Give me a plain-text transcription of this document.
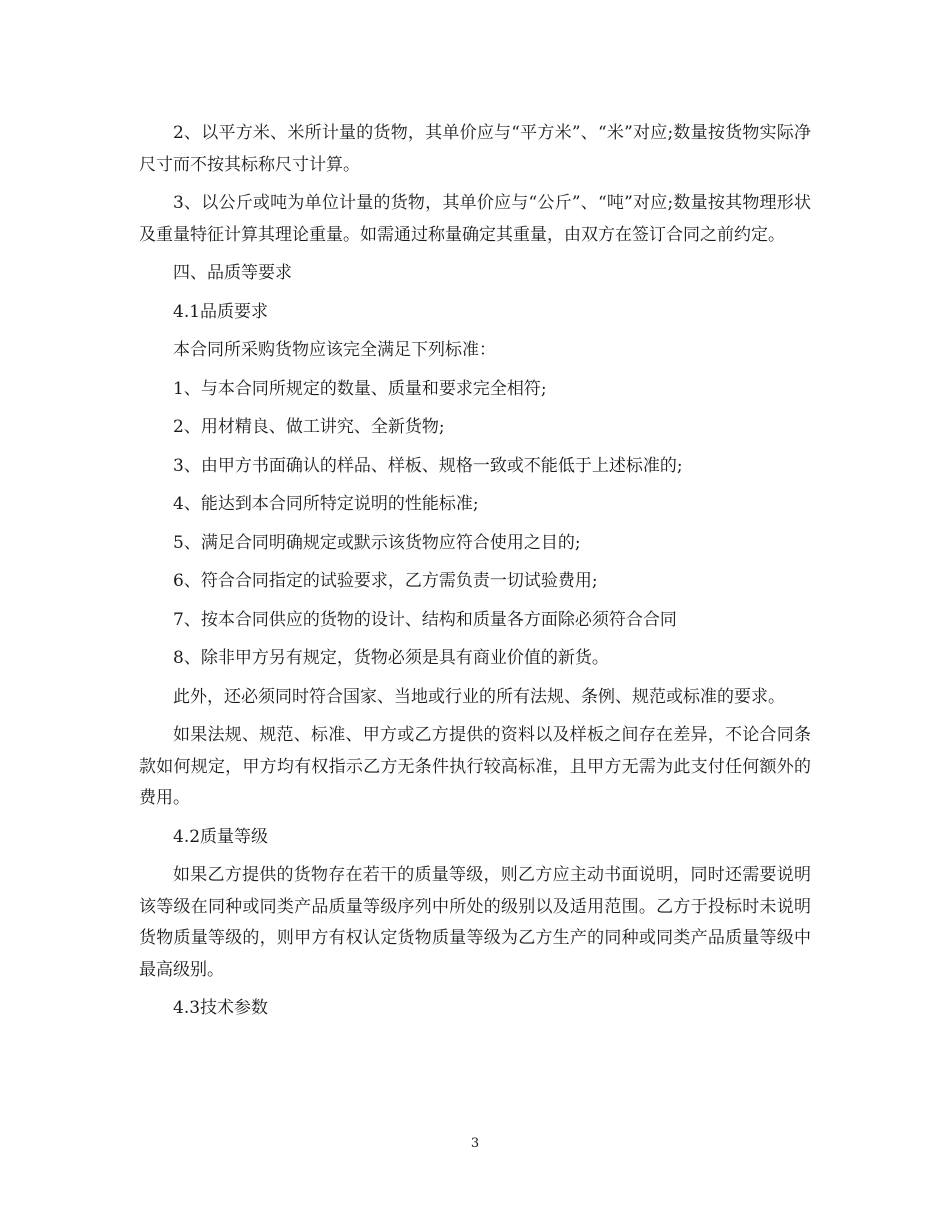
2、以平方米、米所计量的货物，其单价应与“平方米”、“米”对应;数量按货物实际净尺寸而不按其标称尺寸计算。

3、以公斤或吨为单位计量的货物，其单价应与“公斤”、“吨”对应;数量按其物理形状及重量特征计算其理论重量。如需通过称量确定其重量，由双方在签订合同之前约定。

四、品质等要求

4.1品质要求

本合同所采购货物应该完全满足下列标准：

1、与本合同所规定的数量、质量和要求完全相符;

2、用材精良、做工讲究、全新货物;

3、由甲方书面确认的样品、样板、规格一致或不能低于上述标准的;

4、能达到本合同所特定说明的性能标准;

5、满足合同明确规定或默示该货物应符合使用之目的;

6、符合合同指定的试验要求，乙方需负责一切试验费用;

7、按本合同供应的货物的设计、结构和质量各方面除必须符合合同

8、除非甲方另有规定，货物必须是具有商业价值的新货。

此外，还必须同时符合国家、当地或行业的所有法规、条例、规范或标准的要求。

如果法规、规范、标准、甲方或乙方提供的资料以及样板之间存在差异，不论合同条款如何规定，甲方均有权指示乙方无条件执行较高标准，且甲方无需为此支付任何额外的费用。

4.2质量等级

如果乙方提供的货物存在若干的质量等级，则乙方应主动书面说明，同时还需要说明该等级在同种或同类产品质量等级序列中所处的级别以及适用范围。乙方于投标时未说明货物质量等级的，则甲方有权认定货物质量等级为乙方生产的同种或同类产品质量等级中最高级别。

4.3技术参数

3
